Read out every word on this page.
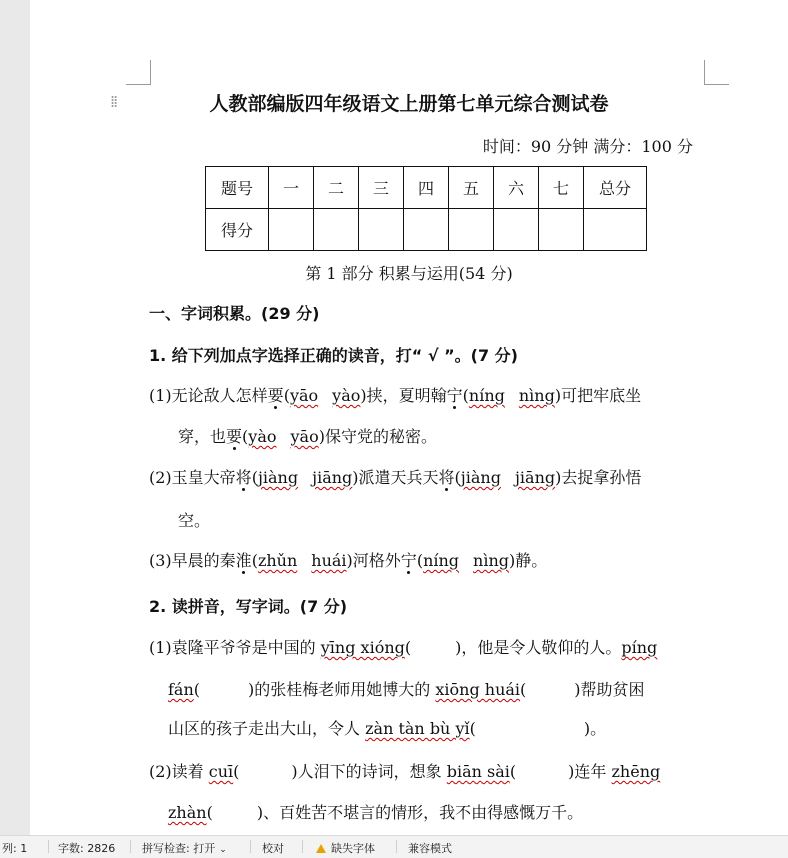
⁞⁞	人教部编版四年级语文上册第七单元综合测试卷
时间：90 分钟 满分：100 分
题号	一	二	三	四	五	六	七	总分
得分								
第 1 部分 积累与运用(54 分)
一、字词积累。(29 分)
1. 给下列加点字选择正确的读音，打“ √ ”。(7 分)
(1)无论敌人怎样要(yāo yào)挟，夏明翰宁(níng nìng)可把牢底坐
穿，也要(yào yāo)保守党的秘密。
(2)玉皇大帝将(jiàng jiāng)派遣天兵天将(jiàng jiāng)去捉拿孙悟
空。
(3)早晨的秦淮(zhǔn huái)河格外宁(níng nìng)静。
2. 读拼音，写字词。(7 分)
(1)袁隆平爷爷是中国的 yīng xióng(	)，他是令人敬仰的人。píng
fán(	)的张桂梅老师用她博大的 xiōng huái(	)帮助贫困
山区的孩子走出大山，令人 zàn tàn bù yǐ(	)。
(2)读着 cuī(	)人泪下的诗词，想象 biān sài(	)连年 zhēng
zhàn(	)、百姓苦不堪言的情形，我不由得感慨万千。
列: 1	字数: 2826 拼写检查: 打开 ⌄	校对	缺失字体	兼容模式
